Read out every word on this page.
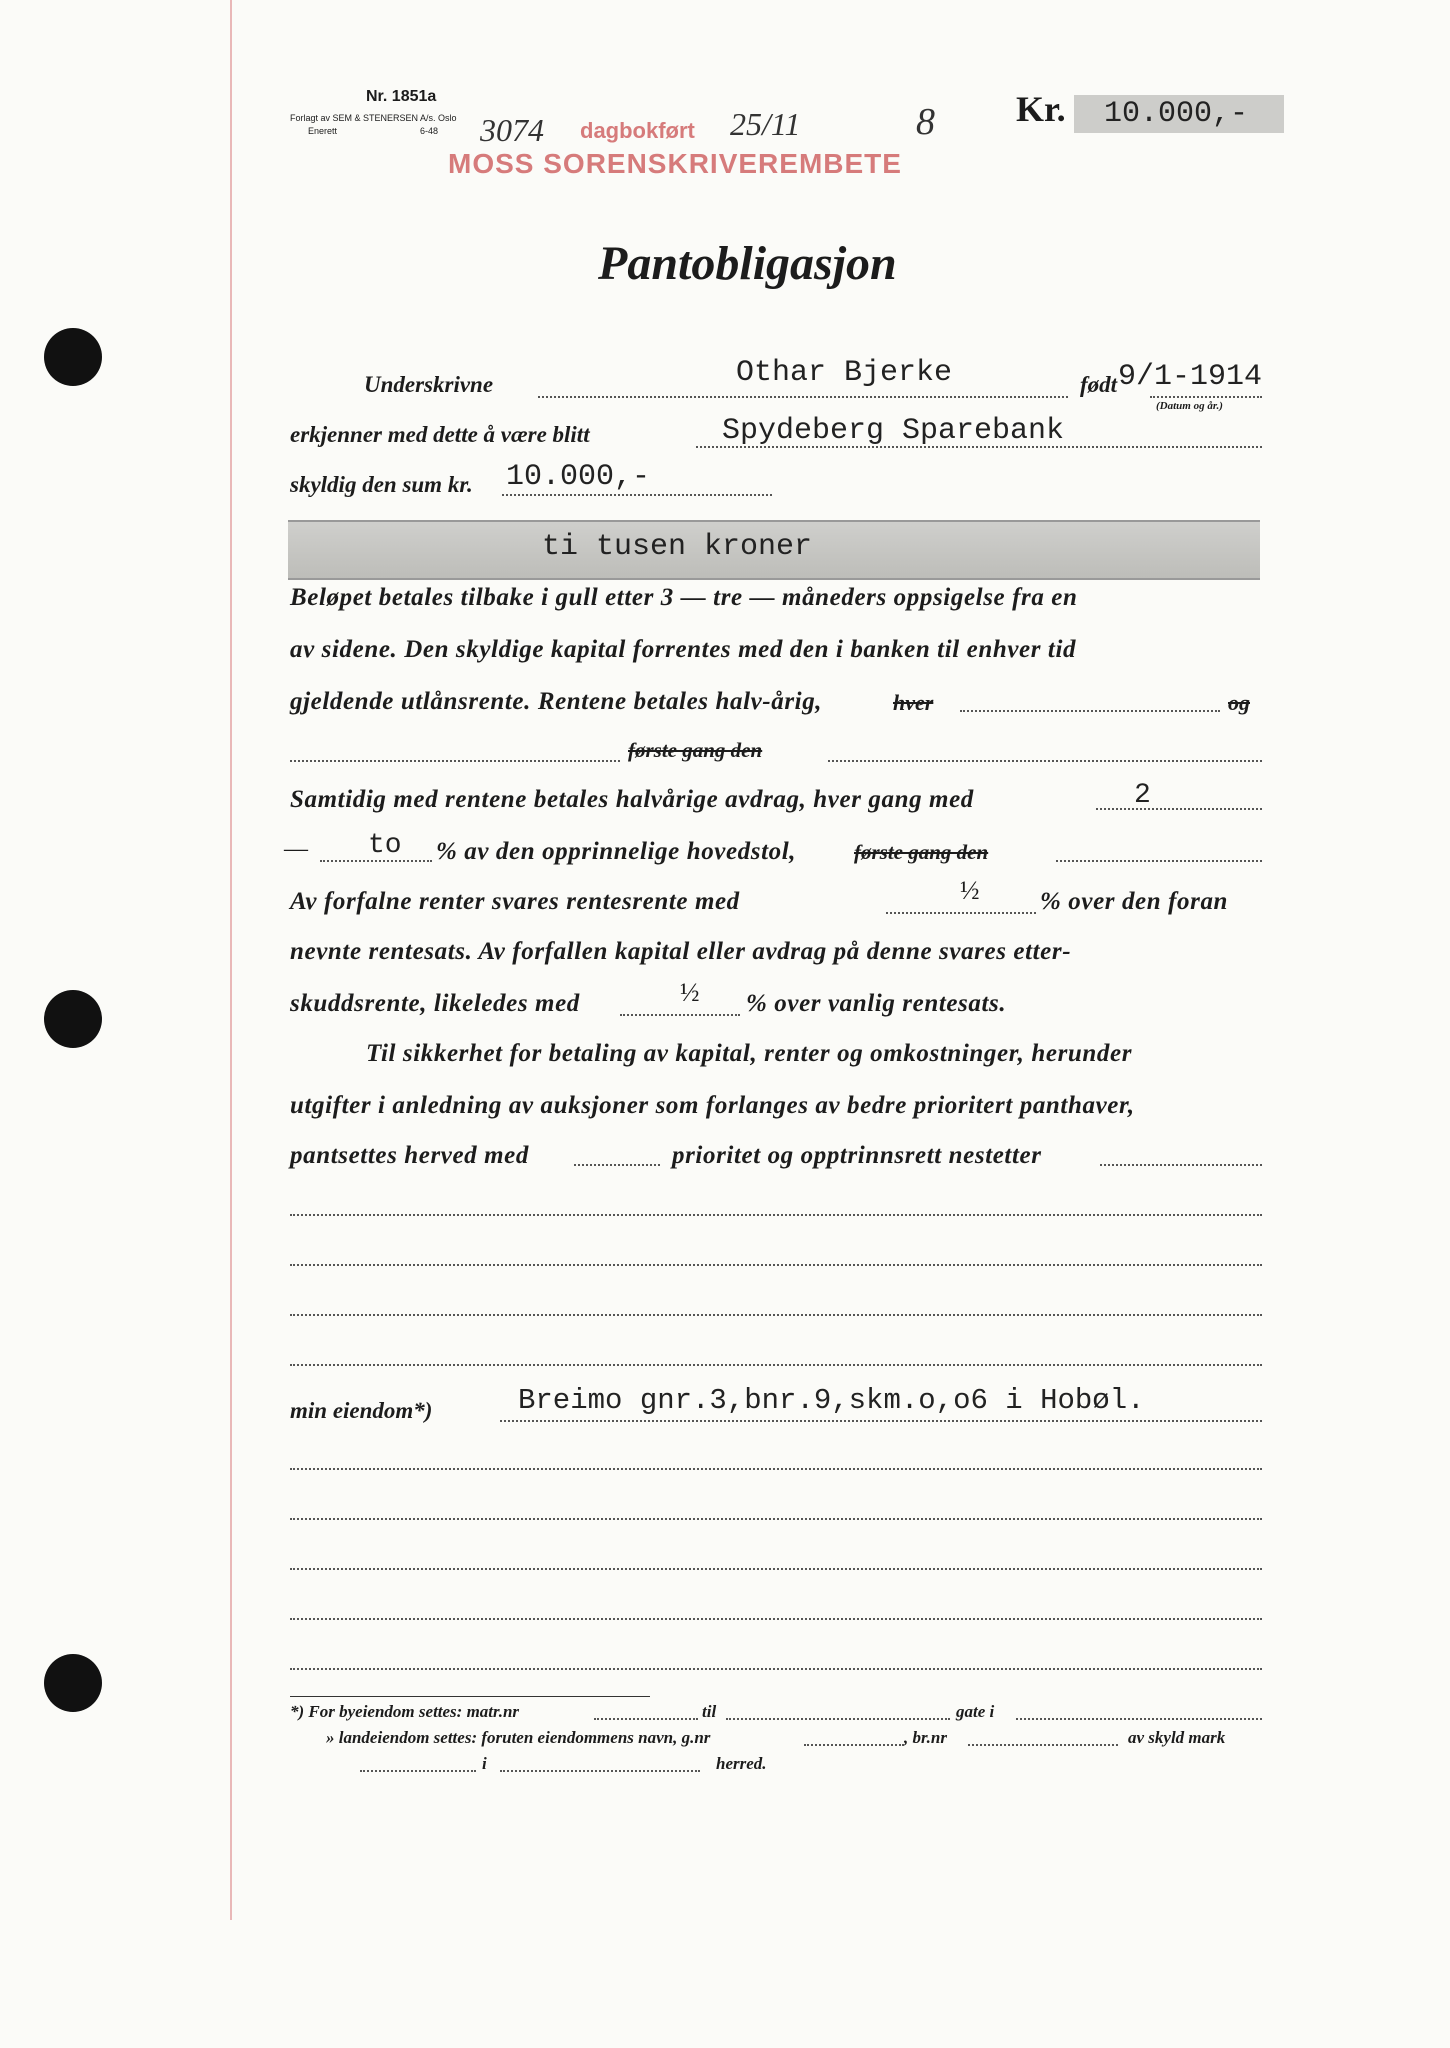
Nr. 1851a
Forlagt av SEM & STENERSEN A/s. Oslo
Enerett	6-48 3074 dagbokført 25/11	8
MOSS SORENSKRIVEREMBETE
Kr.	10.000,-
Pantobligasjon
Underskrivne	Othar Bjerke	født 9/1-1914
(Datum og år.)
erkjenner med dette å være blitt	Spydeberg Sparebank
skyldig den sum kr. 10.000,-
ti tusen kroner
Beløpet betales tilbake i gull etter 3 — tre — måneders oppsigelse fra en
av sidene. Den skyldige kapital forrentes med den i banken til enhver tid
gjeldende utlånsrente. Rentene betales halv-årig,	hver	og
første gang den
Samtidig med rentene betales halvårige avdrag, hver gang med	2
— to % av den opprinnelige hovedstol,	første gang den
Av forfalne renter svares rentesrente med	½ % over den foran
nevnte rentesats. Av forfallen kapital eller avdrag på denne svares etter-
skuddsrente, likeledes med	½ % over vanlig rentesats.
Til sikkerhet for betaling av kapital, renter og omkostninger, herunder
utgifter i anledning av auksjoner som forlanges av bedre prioritert panthaver,
pantsettes herved med	prioritet og opptrinnsrett nestetter
min eiendom*)	Breimo gnr.3,bnr.9,skm.o,o6 i Hobøl.
*) For byeiendom settes: matr.nr	til	gate i
» landeiendom settes: foruten eiendommens navn, g.nr	, br.nr	av skyld mark
i	herred.
